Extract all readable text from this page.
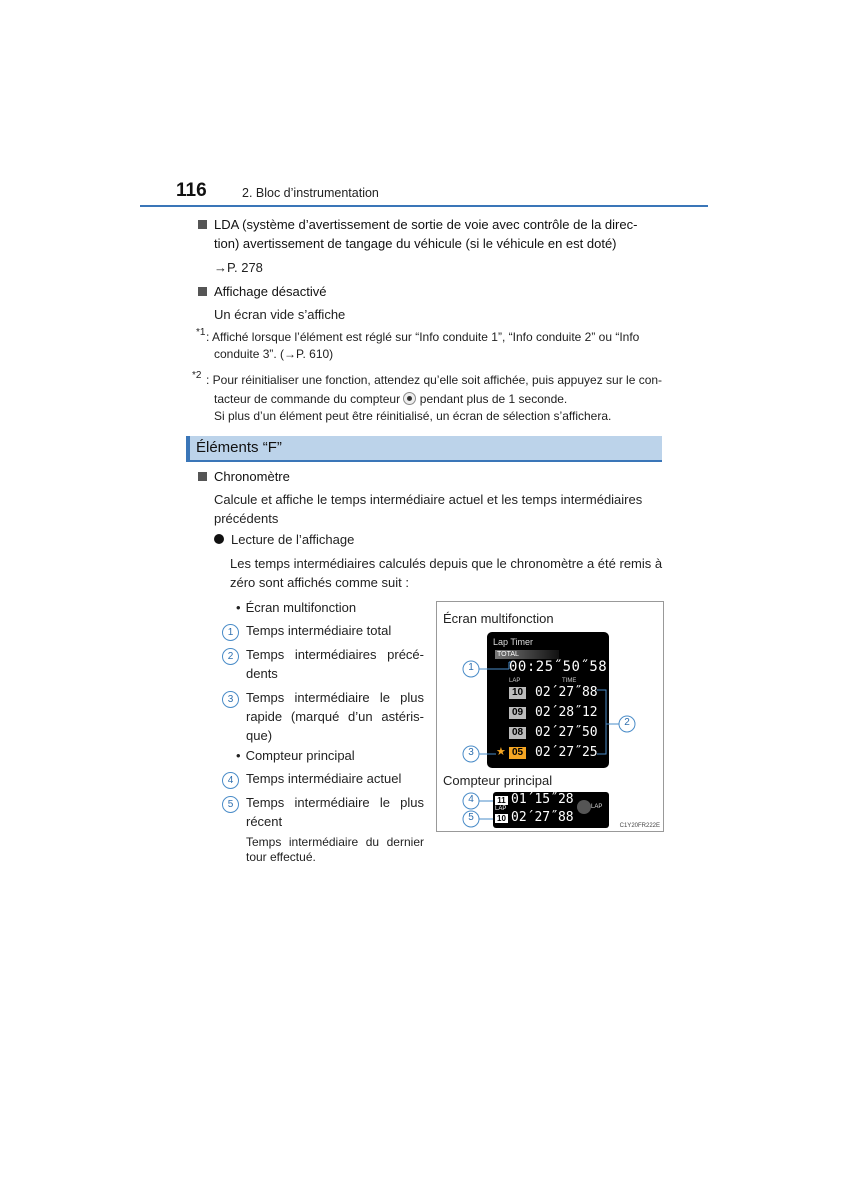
116	2. Bloc d’instrumentation
LDA (système d’avertissement de sortie de voie avec contrôle de la direc-
tion) avertissement de tangage du véhicule (si le véhicule en est doté)
→P. 278
Affichage désactivé
Un écran vide s’affiche
*1 : Affiché lorsque l’élément est réglé sur “Info conduite 1”, “Info conduite 2” ou “Info
conduite 3”. (→P. 610)
*2 : Pour réinitialiser une fonction, attendez qu’elle soit affichée, puis appuyez sur le con-
tacteur de commande du compteur pendant plus de 1 seconde.
Si plus d’un élément peut être réinitialisé, un écran de sélection s’affichera.
Éléments “F”
Chronomètre
Calcule et affiche le temps intermédiaire actuel et les temps intermédiaires
précédents
Lecture de l’affichage
Les temps intermédiaires calculés depuis que le chronomètre a été remis à
zéro sont affichés comme suit :
• Écran multifonction
1 Temps intermédiaire total
2 Temps intermédiaires précé-
dents
3 Temps intermédiaire le plus
rapide (marqué d’un astéris-
que)
• Compteur principal
4 Temps intermédiaire actuel
5 Temps intermédiaire le plus
récent
Temps intermédiaire du dernier
tour effectué.
Écran multifonction
Lap Timer
TOTAL
00:25˝50˝58
LAP	TIME
10 02´27˝88
09 02´28˝12
08 02´27˝50
★ 05 02´27˝25
1
2
3
4
5
Compteur principal
11 01´15˝28
LAP
10 02´27˝88
LAP
C1Y20FR222E
